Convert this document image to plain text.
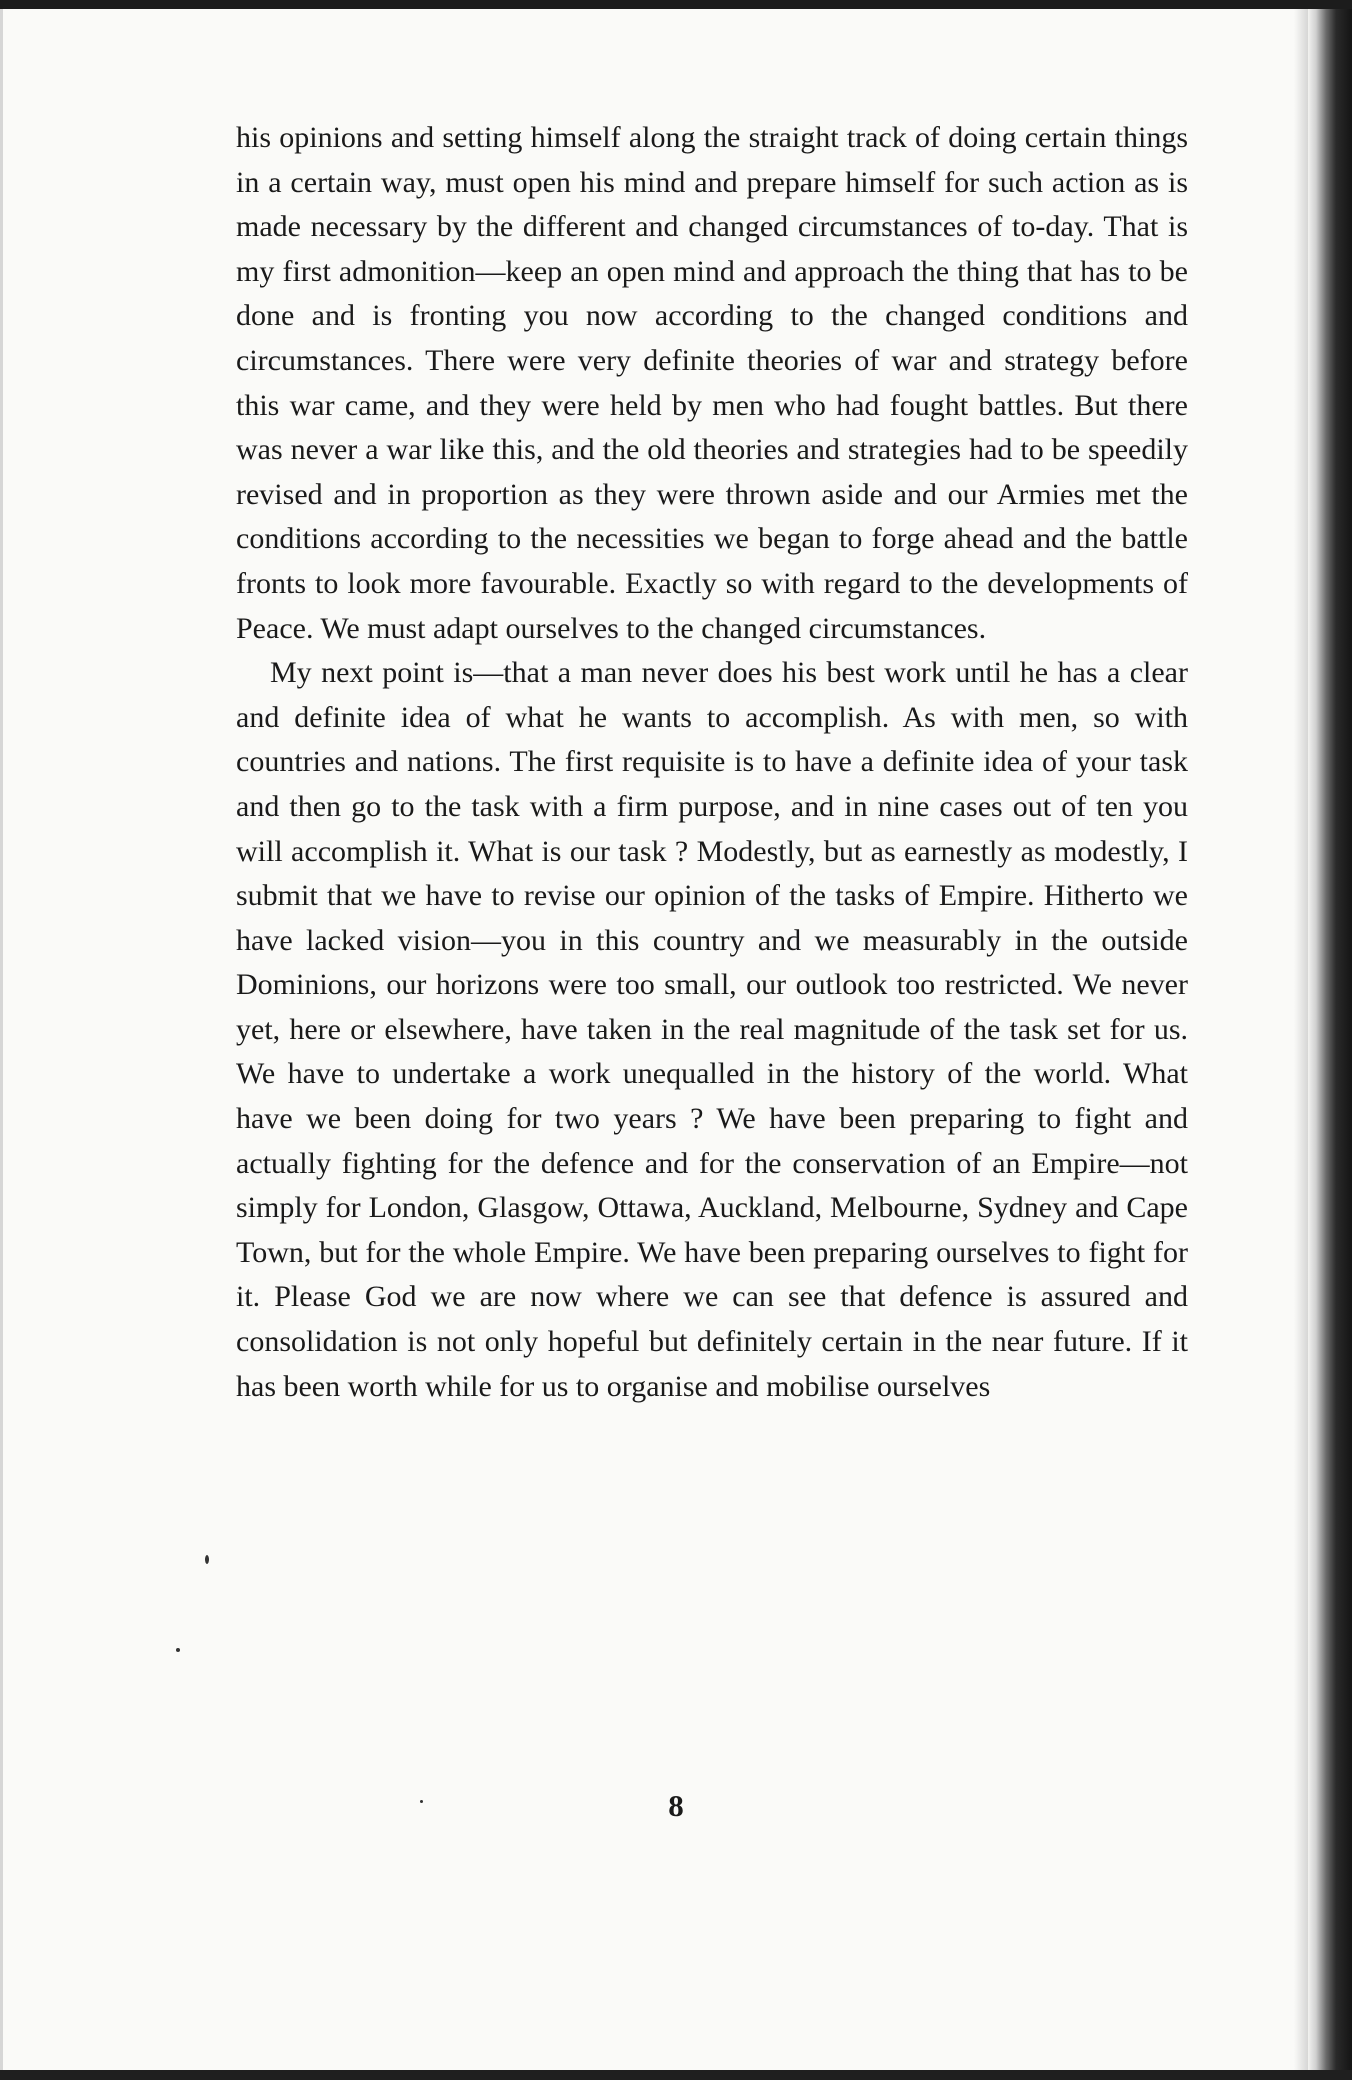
his opinions and setting himself along the straight track of doing certain things in a certain way, must open his mind and prepare himself for such action as is made necessary by the different and changed circumstances of to-day. That is my first admonition—keep an open mind and approach the thing that has to be done and is fronting you now according to the changed conditions and circumstances. There were very definite theories of war and strategy before this war came, and they were held by men who had fought battles. But there was never a war like this, and the old theories and strategies had to be speedily revised and in proportion as they were thrown aside and our Armies met the conditions according to the necessities we began to forge ahead and the battle fronts to look more favourable. Exactly so with regard to the developments of Peace. We must adapt ourselves to the changed circumstances.

My next point is—that a man never does his best work until he has a clear and definite idea of what he wants to accomplish. As with men, so with countries and nations. The first requisite is to have a definite idea of your task and then go to the task with a firm purpose, and in nine cases out of ten you will accomplish it. What is our task ? Modestly, but as earnestly as modestly, I submit that we have to revise our opinion of the tasks of Empire. Hitherto we have lacked vision—you in this country and we measurably in the outside Dominions, our horizons were too small, our outlook too restricted. We never yet, here or elsewhere, have taken in the real magnitude of the task set for us. We have to undertake a work unequalled in the history of the world. What have we been doing for two years ? We have been preparing to fight and actually fighting for the defence and for the conservation of an Empire—not simply for London, Glasgow, Ottawa, Auckland, Melbourne, Sydney and Cape Town, but for the whole Empire. We have been preparing ourselves to fight for it. Please God we are now where we can see that defence is assured and consolidation is not only hopeful but definitely certain in the near future. If it has been worth while for us to organise and mobilise ourselves

8
